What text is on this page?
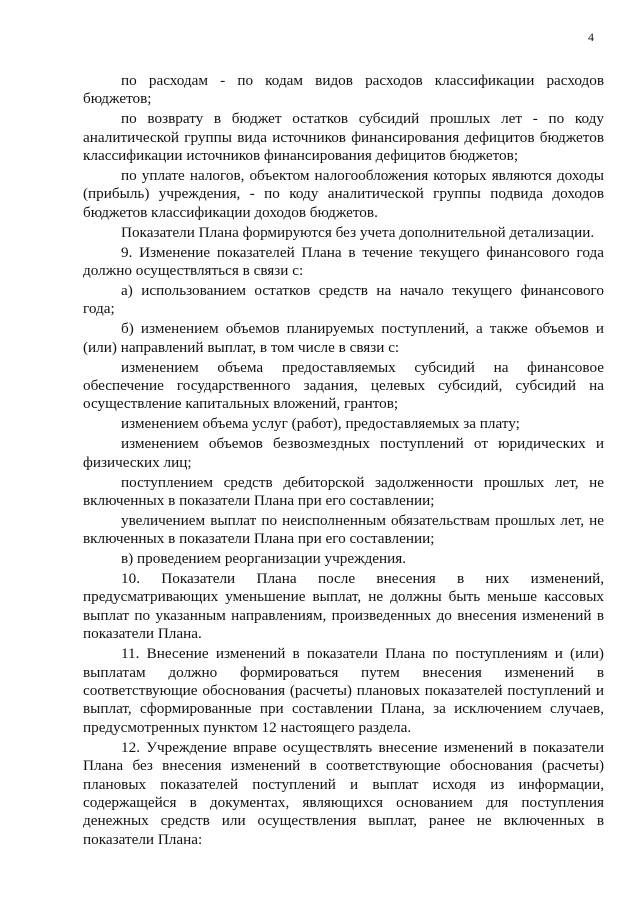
4

по расходам - по кодам видов расходов классификации расходов бюджетов;

по возврату в бюджет остатков субсидий прошлых лет - по коду аналитической группы вида источников финансирования дефицитов бюджетов классификации источников финансирования дефицитов бюджетов;

по уплате налогов, объектом налогообложения которых являются доходы (прибыль) учреждения, - по коду аналитической группы подвида доходов бюджетов классификации доходов бюджетов.

Показатели Плана формируются без учета дополнительной детализации.

9. Изменение показателей Плана в течение текущего финансового года должно осуществляться в связи с:

а) использованием остатков средств на начало текущего финансового года;

б) изменением объемов планируемых поступлений, а также объемов и (или) направлений выплат, в том числе в связи с:

изменением объема предоставляемых субсидий на финансовое обеспечение государственного задания, целевых субсидий, субсидий на осуществление капитальных вложений, грантов;

изменением объема услуг (работ), предоставляемых за плату;

изменением объемов безвозмездных поступлений от юридических и физических лиц;

поступлением средств дебиторской задолженности прошлых лет, не включенных в показатели Плана при его составлении;

увеличением выплат по неисполненным обязательствам прошлых лет, не включенных в показатели Плана при его составлении;

в) проведением реорганизации учреждения.

10. Показатели Плана после внесения в них изменений, предусматривающих уменьшение выплат, не должны быть меньше кассовых выплат по указанным направлениям, произведенных до внесения изменений в показатели Плана.

11. Внесение изменений в показатели Плана по поступлениям и (или) выплатам должно формироваться путем внесения изменений в соответствующие обоснования (расчеты) плановых показателей поступлений и выплат, сформированные при составлении Плана, за исключением случаев, предусмотренных пунктом 12 настоящего раздела.

12. Учреждение вправе осуществлять внесение изменений в показатели Плана без внесения изменений в соответствующие обоснования (расчеты) плановых показателей поступлений и выплат исходя из информации, содержащейся в документах, являющихся основанием для поступления денежных средств или осуществления выплат, ранее не включенных в показатели Плана:
